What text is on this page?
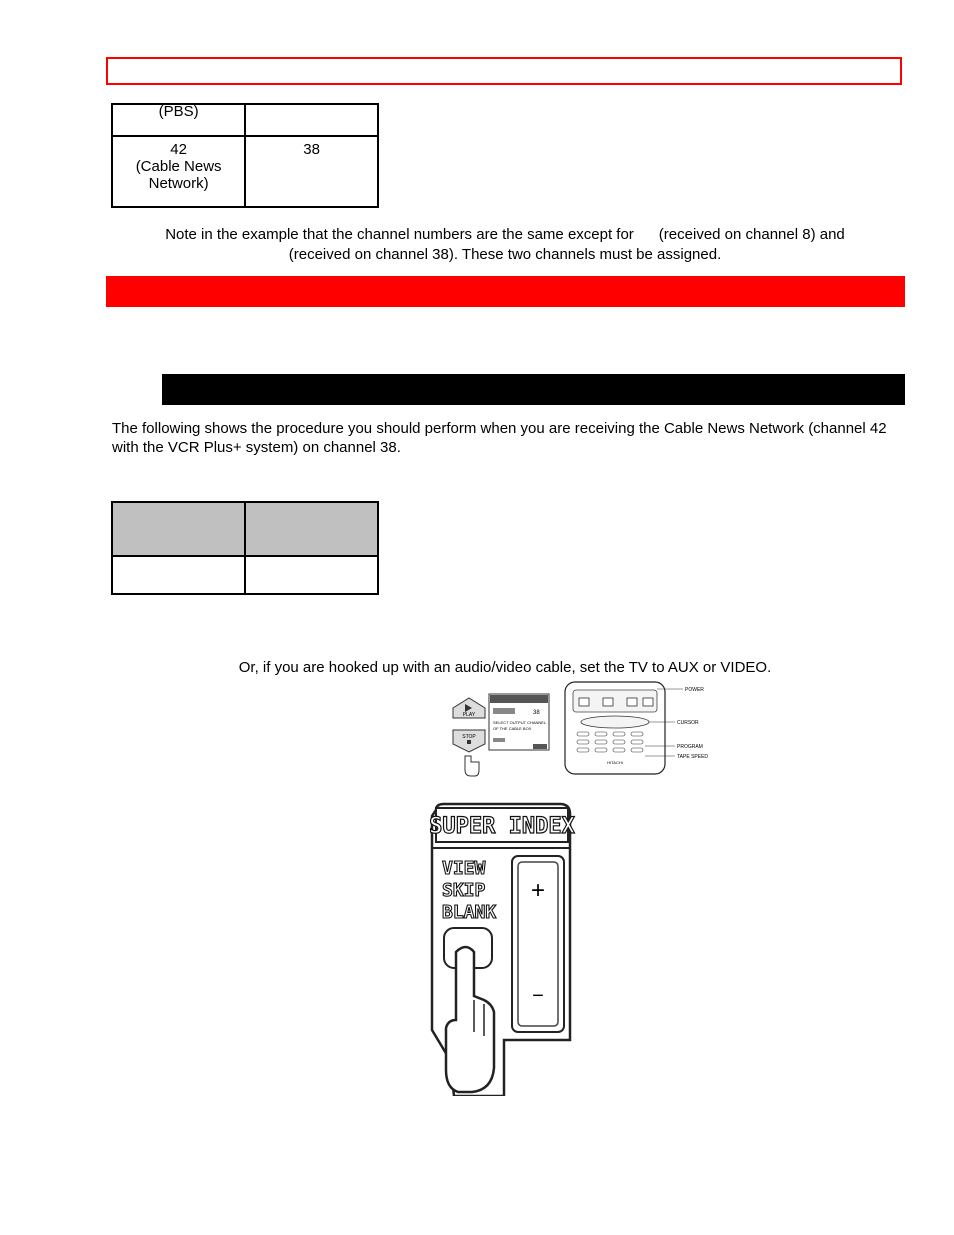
(PBS)	

42
(Cable News
Network)	38
Note in the example that the channel numbers are the same except for      (received on channel 8) and
(received on channel 38). These two channels must be assigned.
The following shows the procedure you should perform when you are receiving the Cable News Network (channel 42 with the VCR Plus+ system) on channel 38.

Or, if you are hooked up with an audio/video cable, set the TV to AUX or VIDEO.
PLAY
STOP
38
SELECT OUTPUT CHANNEL
OF THE CABLE BOX
HITACHI
POWER
CURSOR
PROGRAM
TAPE SPEED
SUPER INDEX
VIEW
SKIP
BLANK
+
−
